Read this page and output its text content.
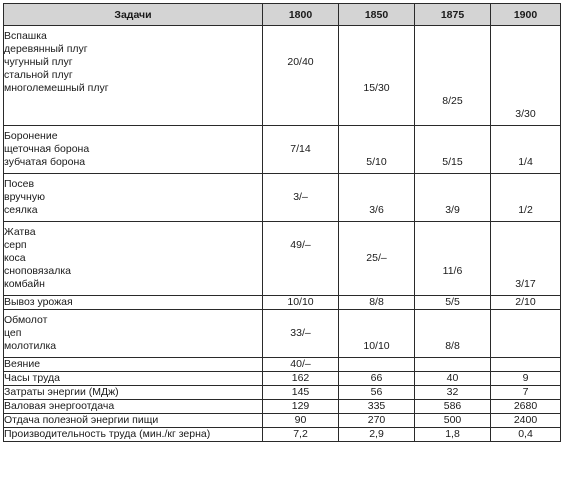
Задачи	1800	1850	1875	1900

Вспашка
деревянный плуг
чугунный плуг
стальной плуг
многолемешный плуг	20/40	15/30	8/25	3/30

Боронение
щеточная борона
зубчатая борона	7/14	5/10	5/15	1/4

Посев
вручную
сеялка	3/–	3/6	3/9	1/2

Жатва
серп
коса
сноповязалка
комбайн	49/–	25/–	11/6	3/17

Вывоз урожая	10/10	8/8	5/5	2/10

Обмолот
цеп
молотилка	33/–	10/10	8/8	

Веяние	40/–			

Часы труда	162	66	40	9

Затраты энергии (МДж)	145	56	32	7

Валовая энергоотдача	129	335	586	2680

Отдача полезной энергии пищи	90	270	500	2400

Производительность труда (мин./кг зерна)	7,2	2,9	1,8	0,4
